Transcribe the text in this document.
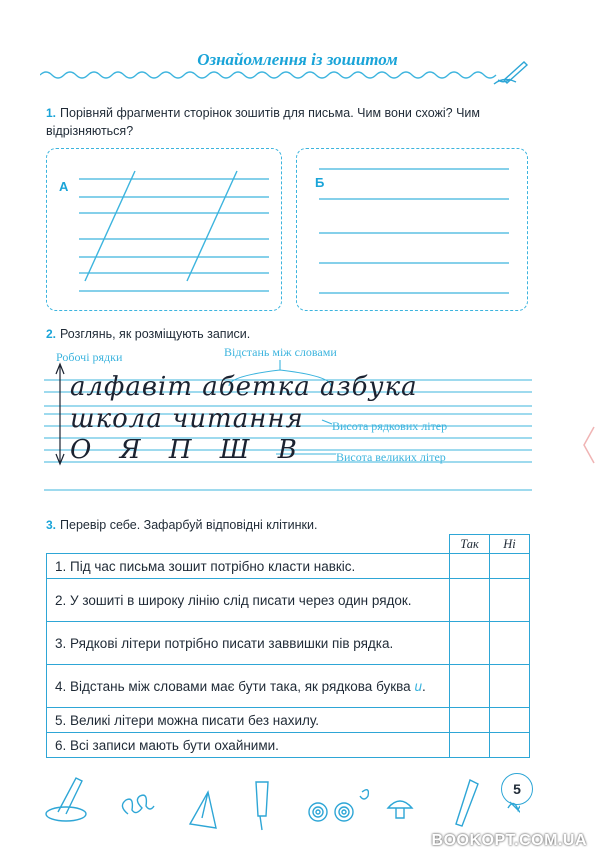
Ознайомлення із зошитом
1. Порівняй фрагменти сторінок зошитів для письма. Чим вони схожі? Чим відрізняються?
А	Б
2. Розглянь, як розміщують записи.
Робочі рядки	Відстань між словами
Висота рядкових літер
Висота великих літер
алфавіт абетка азбука
школа читання
О Я П Ш В
3. Перевір себе. Зафарбуй відповідні клітинки.
	Так	Ні
1. Під час письма зошит потрібно класти навкіс.		
2. У зошиті в широку лінію слід писати через один рядок.		
3. Рядкові літери потрібно писати заввишки пів рядка.		
4. Відстань між словами має бути така, як рядкова буква и.		
5. Великі літери можна писати без нахилу.		
6. Всі записи мають бути охайними.		
5
BOOKOPT.COM.UA
